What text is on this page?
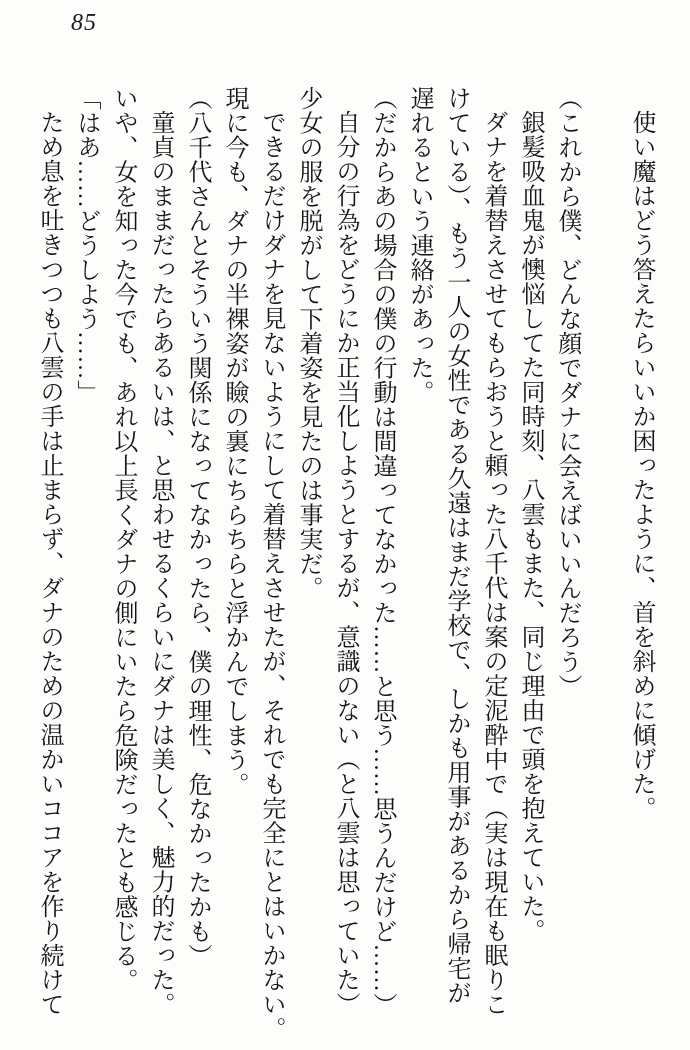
85
使い魔はどう答えたらいいか困ったように、首を斜めに傾げた。
（これから僕、どんな顔でダナに会えばいいんだろう）
銀髪吸血鬼が懊悩してた同時刻、八雲もまた、同じ理由で頭を抱えていた。
ダナを着替えさせてもらおうと頼った八千代は案の定泥酔中で（実は現在も眠りこ
けている）、もう一人の女性である久遠はまだ学校で、しかも用事があるから帰宅が
遅れるという連絡があった。
（だからあの場合の僕の行動は間違ってなかった……と思う……思うんだけど……）
自分の行為をどうにか正当化しようとするが、意識のない（と八雲は思っていた）
少女の服を脱がして下着姿を見たのは事実だ。
できるだけダナを見ないようにして着替えさせたが、それでも完全にとはいかない。
現に今も、ダナの半裸姿が瞼の裏にちらちらと浮かんでしまう。
（八千代さんとそういう関係になってなかったら、僕の理性、危なかったかも）
童貞のままだったらあるいは、と思わせるくらいにダナは美しく、魅力的だった。
いや、女を知った今でも、あれ以上長くダナの側にいたら危険だったとも感じる。
「はあ……どうしよう……」
ため息を吐きつつも八雲の手は止まらず、ダナのための温かいココアを作り続けて
